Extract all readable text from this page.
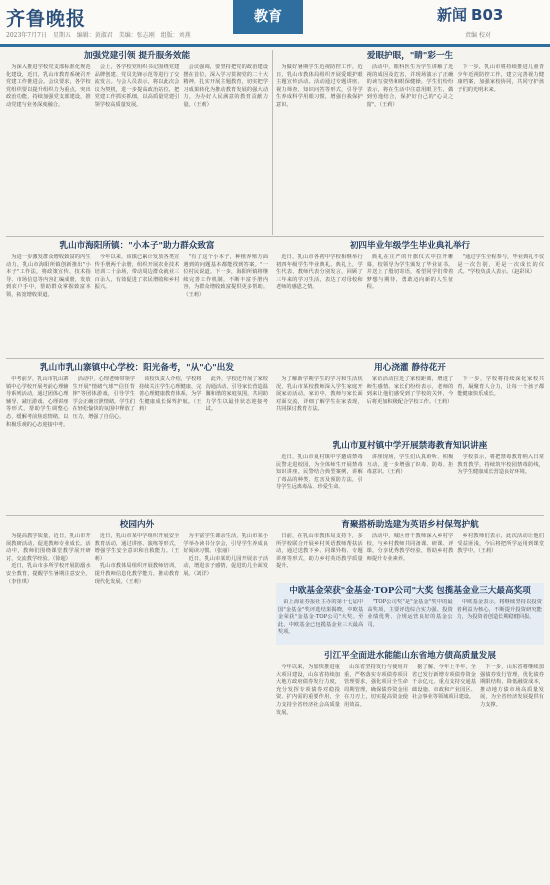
齐鲁晚报
2023年7月7日 星期五 编辑：黄淑君 美编：张志刚 组版：刘燕
教育	新闻 B03
责编 校对
加强党建引领 提升服务效能

为深入推进学校党支部标准化规范化建设，近日，乳山市教育系统召开党建工作推进会。会议要求，各学校党组织要以提升组织力为重点，突出政治功能，持续加强党支部建设，推动党建与业务深度融合。

会上，各学校党组织书记围绕党建品牌创建、党员先锋示范等进行了交流发言。与会人员表示，将以此次会议为契机，进一步提高政治站位，把党建工作抓实抓细，以高质量党建引领学校高质量发展。

会议强调，要坚持把党的政治建设摆在首位，深入学习贯彻党的二十大精神，扎实开展主题教育，切实把学习成果转化为推动教育发展的强大动力，为办好人民满意的教育贡献力量。（王莉）

爱眼护眼，"睛"彩一生

为做好暑期学生近视防控工作，近日，乳山市教体局组织开展爱眼护眼主题宣传活动。活动通过专题讲座、视力筛查、知识问答等形式，引导学生养成科学用眼习惯，增强自我保护意识。

活动中，眼科医生为学生讲解了近视的成因及危害，并现场演示了正确的读写姿势和眼保健操。学生们纷纷表示，将在生活中注意用眼卫生，做到劳逸结合，保护好自己的"心灵之窗"。（王莉）

下一步，乳山市将持续推进儿童青少年近视防控工作，建立完善视力健康档案，加强家校协同，共同守护孩子们的光明未来。

乳山市海阳所镇："小本子"助力群众致富

为进一步激发群众增收致富的内生动力，乳山市海阳所镇创新推出"小本子"工作法，将政策宣传、技术指导、市场信息等内容汇编成册，发放到农户手中，帮助群众掌握致富本领，拓宽增收渠道。

今年以来，该镇已累计发放各类宣传手册两千余册，组织开展农业技术培训二十余场，带动周边群众就业三百余人，有效促进了农民增收和乡村振兴。

"有了这个小本子，种植养殖方面遇到的问题基本都能找到答案。"一位村民说道。下一步，海阳所镇将继续完善工作机制，不断丰富手册内容，为群众增收致富提供更多帮助。（王莉）

初四毕业年级学生毕业典礼举行

近日，乳山市各初中学校相继举行初四年级学生毕业典礼。典礼上，学生代表、教师代表分别发言，回顾了三年来的学习生活，表达了对母校和老师的感恩之情。

典礼在庄严的升旗仪式中拉开帷幕，校领导为学生颁发了毕业证书，并送上了殷切寄语，希望同学们带着梦想与期待，勇敢迈向新的人生征程。

"通过学生全程参与，毕业典礼不仅是一次告别，更是一次成长的仪式。"学校负责人表示。（赵彩凤）

乳山市乳山寨镇中心学校：阳光备考，"从"心"出发

中考前夕，乳山市乳山寨镇中心学校开展考前心理辅导系列活动，通过团体心理辅导、减压游戏、心理讲座等形式，帮助学生调整心态，缓解考前焦虑情绪，以积极乐观的心态迎接中考。

活动中，心理老师带领学生开展"情绪气球""信任背摔"等团体游戏，引导学生学会正确宣泄情绪。学生们在轻松愉快的氛围中释放了压力，增强了自信心。

该校负责人介绍，学校将持续关注学生心理健康，完善心理健康教育体系，为学生健康成长保驾护航。（王莉）

此外，学校还开展了家校沟通活动，引导家长营造温馨和谐的家庭氛围，共同助力学生以最佳状态迎接考试。

用心浇灌 静待花开

为了解新学期学生的学习和生活状况，乳山市某校教师深入学生家庭开展家访活动。家访中，教师与家长面对面交流，详细了解学生在家表现，共同探讨教育方法。

家访活动拉近了家校距离，增进了师生感情。家长们纷纷表示，老师的到来让他们感受到了学校的关怀，今后将更加积极配合学校工作。（王莉）

下一步，学校将持续深化家校共育，凝聚育人合力，让每一个孩子都能健康快乐成长。

乳山市夏村镇中学开展禁毒教育知识讲座

近日，乳山市夏村镇中学邀请禁毒民警走进校园，为全体师生开展禁毒知识讲座。民警结合典型案例，讲解了毒品的种类、危害及预防方法，引导学生远离毒品、珍爱生命。

讲座现场，学生们认真聆听、积极互动，进一步增强了识毒、防毒、拒毒意识。（王莉）

学校表示，将把禁毒教育纳入日常教育教学，持续筑牢校园禁毒防线，为学生健康成长营造良好环境。

校园内外

为提高教学质量，近日，乳山市开展教研活动，促进教师专业成长。活动中，教师们围绕课堂教学展开研讨，交流教学经验。（徐超）

近日，乳山市多所学校开展防溺水安全教育，提醒学生暑期注意安全。（李佳琪）

近日，乳山市某中学组织开展安全教育活动，通过讲座、演练等形式，增强学生安全意识和自救能力。（王莉）

乳山市教体局组织开展教师培训，提升教师信息化教学能力，推动教育现代化发展。（王莉）

为丰富学生课余生活，乳山市某小学举办读书分享会，引导学生养成良好阅读习惯。（张丽）

近日，乳山市某幼儿园开展亲子活动，增进亲子感情，促进幼儿全面发展。（刘洋）

育聚搭桥助选建为英语乡村保驾护航

日前，在乳山市教体局支持下，多所学校联合开展乡村英语教师帮扶活动，通过送教下乡、同课异构、专题讲座等形式，助力乡村英语教学质量提升。

活动中，城区骨干教师深入乡村学校，与乡村教师共同备课、研课、评课，分享优秀教学经验，帮助乡村教师提升专业素养。

乡村教师们表示，此次活动让他们受益匪浅，今后将把所学运用到课堂教学中。（王莉）

中欧基金荣获"金基金·TOP公司"大奖 包揽基金业三大最高奖项

由上海证券报社主办的第十七届中国"金基金"奖评选结果揭晓，中欧基金荣获"金基金·TOP公司"大奖。至此，中欧基金已包揽基金业三大最高奖项。

"TOP公司奖"是"金基金"奖中的最高奖项，主要评选综合实力强、投资业绩优秀、合规运营良好的基金公司。

中欧基金表示，将继续坚持以投资者利益为核心，不断提升投资研究能力，为投资者创造长期稳健回报。

引江平全面进水能能山东省地方债高质量发展

今年以来，为加快推进重大项目建设，山东省持续加大地方政府债券发行力度，充分发挥专项债券对稳投资、扩内需的重要作用，全力支持全省经济社会高质量发展。

山东省坚持发行与使用并重，严格落实专项债券项目管理要求，强化项目全生命周期管理，确保债券资金用在刀刃上，切实提高资金使用效益。

据了解，今年上半年，全省已发行新增专项债券资金千余亿元，重点支持交通基础设施、市政和产业园区、社会事业等领域项目建设。

下一步，山东省将继续加强债券发行管理，优化债券期限结构，降低融资成本，推动地方债市场高质量发展，为全省经济发展提供有力支撑。
